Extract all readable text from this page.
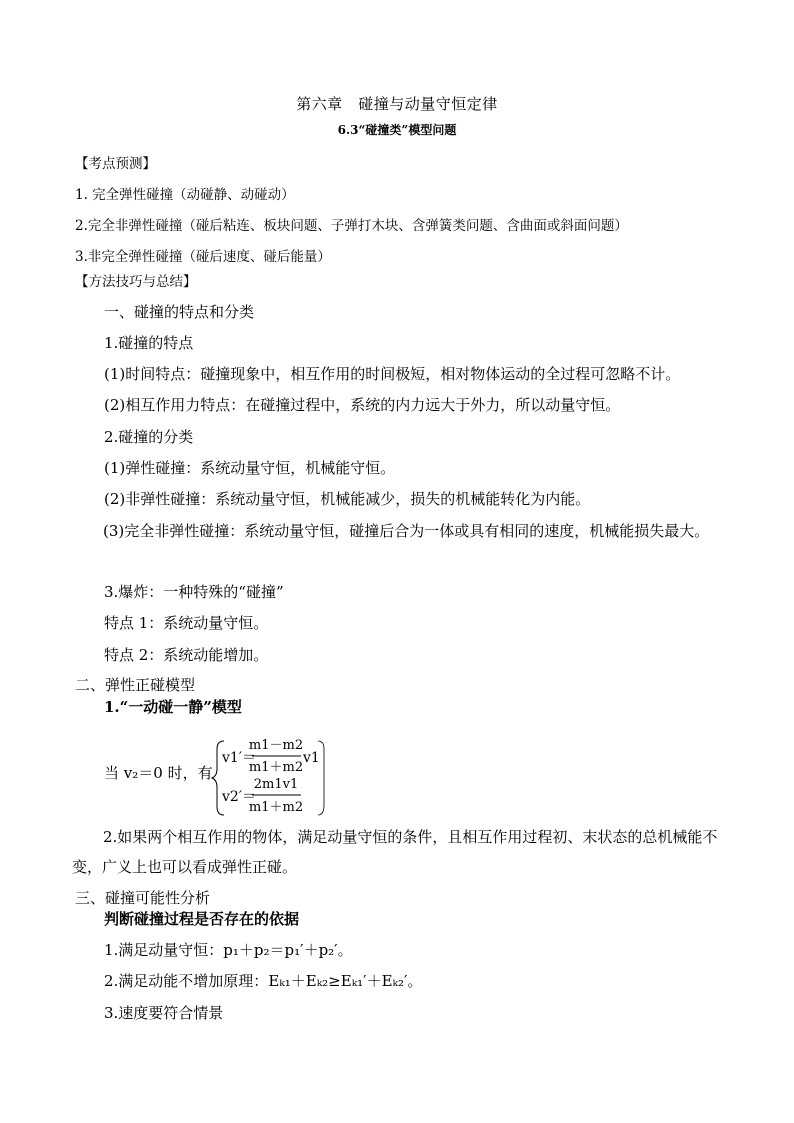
第六章　碰撞与动量守恒定律
6.3“碰撞类”模型问题
【考点预测】
1. 完全弹性碰撞（动碰静、动碰动）
2.完全非弹性碰撞（碰后粘连、板块问题、子弹打木块、含弹簧类问题、含曲面或斜面问题）
3.非完全弹性碰撞（碰后速度、碰后能量）
【方法技巧与总结】
一、碰撞的特点和分类
1.碰撞的特点
(1)时间特点：碰撞现象中，相互作用的时间极短，相对物体运动的全过程可忽略不计。
(2)相互作用力特点：在碰撞过程中，系统的内力远大于外力，所以动量守恒。
2.碰撞的分类
(1)弹性碰撞：系统动量守恒，机械能守恒。
(2)非弹性碰撞：系统动量守恒，机械能减少，损失的机械能转化为内能。
(3)完全非弹性碰撞：系统动量守恒，碰撞后合为一体或具有相同的速度，机械能损失最大。
3.爆炸：一种特殊的“碰撞”
特点 1：系统动量守恒。
特点 2：系统动能增加。
二、弹性正碰模型
1.“一动碰一静”模型
当 v₂＝0 时，有
v1′＝
m1－m2
m1＋m2
v1
v2′＝
2m1v1
m1＋m2
2.如果两个相互作用的物体，满足动量守恒的条件，且相互作用过程初、末状态的总机械能不变，广义上也可以看成弹性正碰。
三、碰撞可能性分析
判断碰撞过程是否存在的依据
1.满足动量守恒：p₁＋p₂＝p₁′＋p₂′。
2.满足动能不增加原理：Eₖ₁＋Eₖ₂≥Eₖ₁′＋Eₖ₂′。
3.速度要符合情景
